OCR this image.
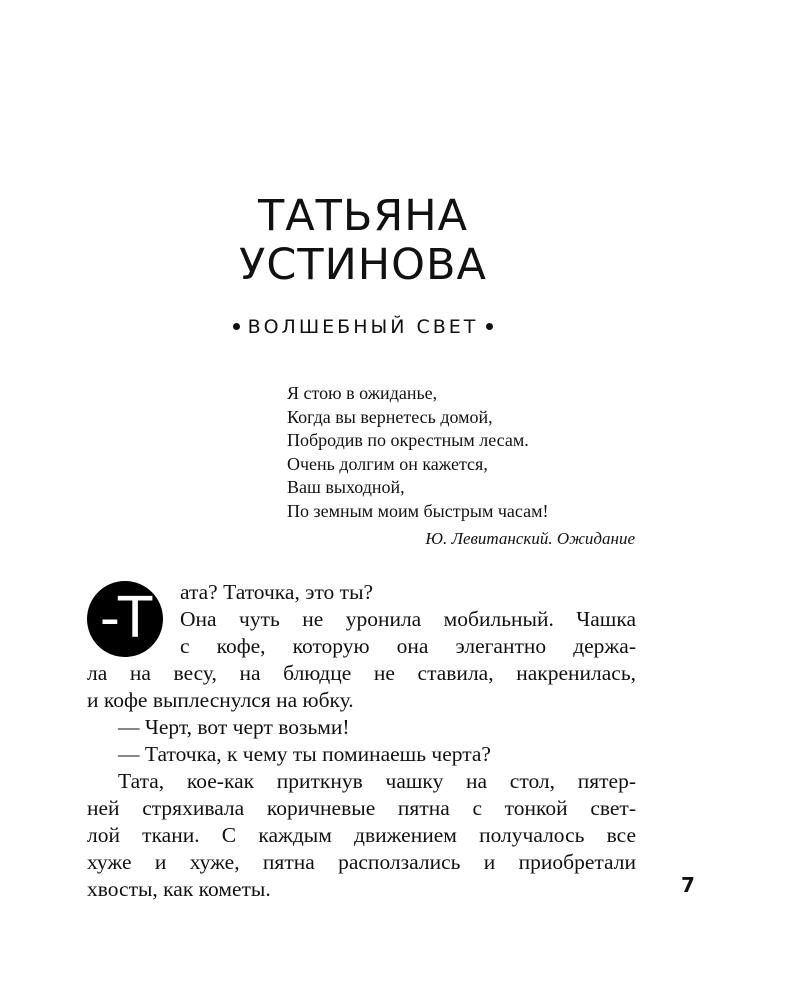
ТАТЬЯНА
УСТИНОВА
ВОЛШЕБНЫЙ СВЕТ
Я стою в ожиданье,
Когда вы вернетесь домой,
Побродив по окрестным лесам.
Очень долгим он кажется,
Ваш выходной,
По земным моим быстрым часам!
Ю. Левитанский. Ожидание
-Т	ата? Таточка, это ты?
Она чуть не уронила мобильный. Чашка
с кофе, которую она элегантно держа-
ла на весу, на блюдце не ставила, накренилась,
и кофе выплеснулся на юбку.
— Черт, вот черт возьми!
— Таточка, к чему ты поминаешь черта?
Тата, кое-как приткнув чашку на стол, пятер-
ней стряхивала коричневые пятна с тонкой свет-
лой ткани. С каждым движением получалось все
хуже и хуже, пятна расползались и приобретали
хвосты, как кометы.	7
